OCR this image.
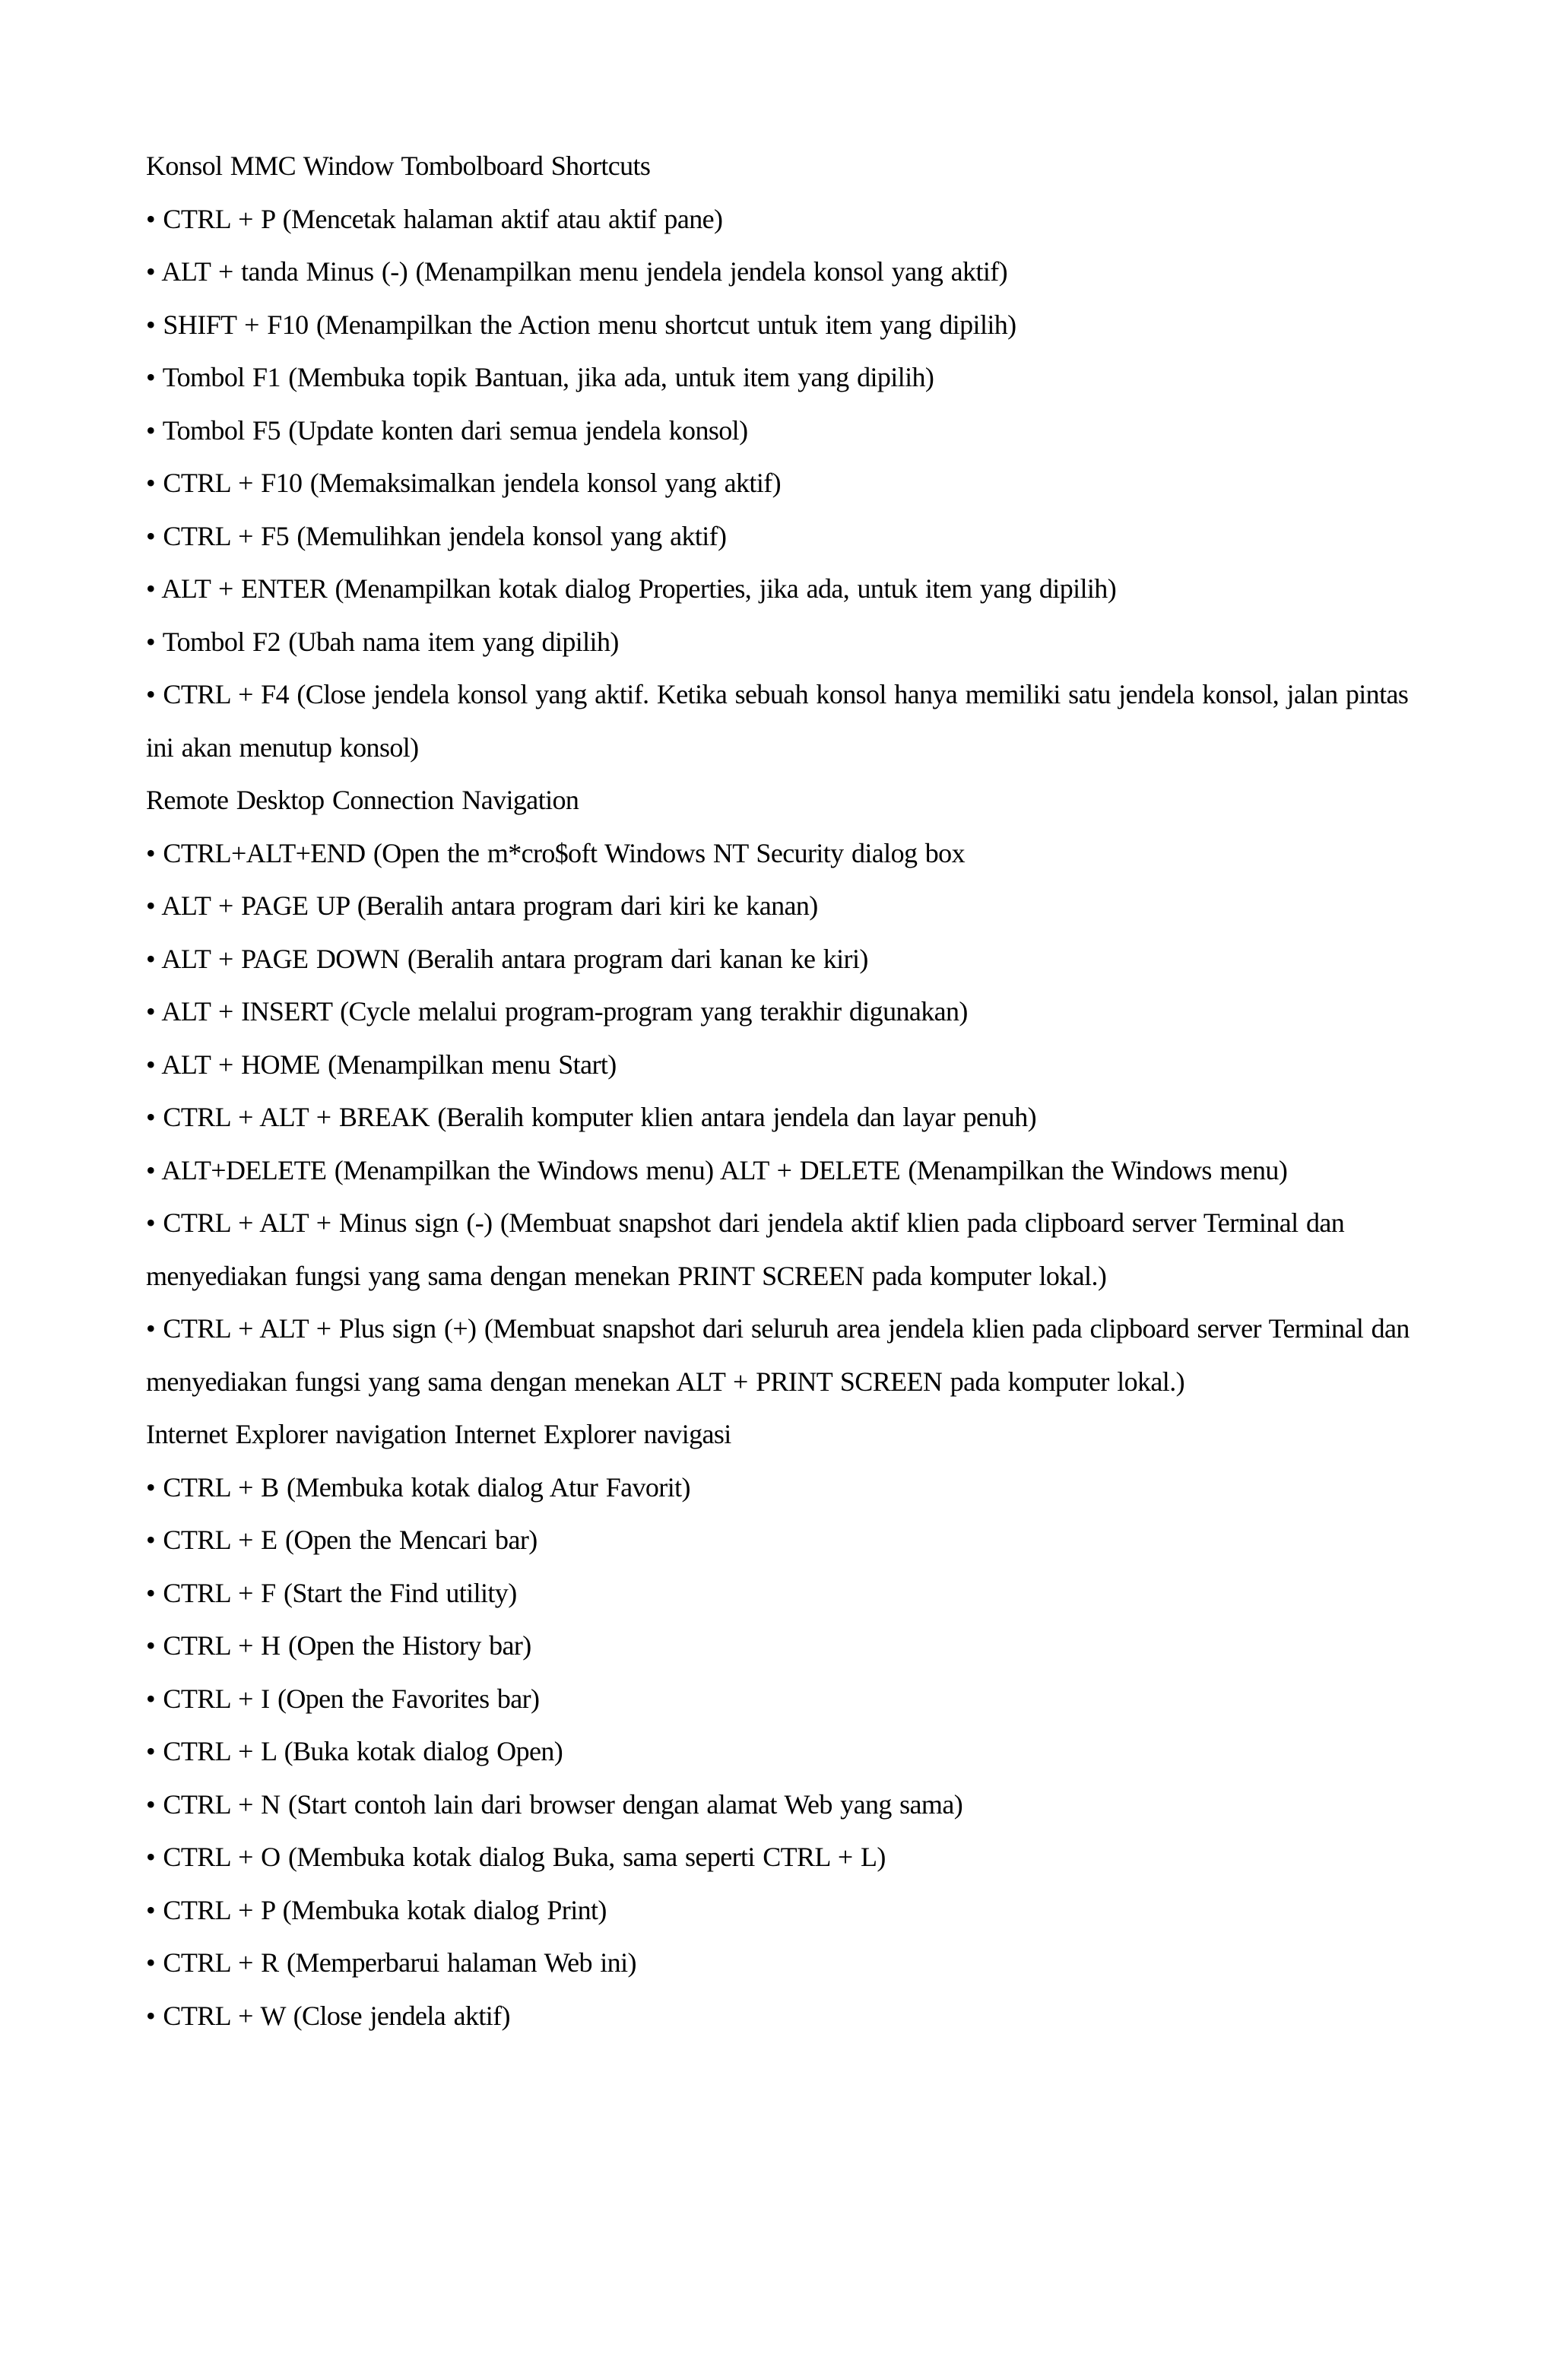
Konsol MMC Window Tombolboard Shortcuts

• CTRL + P (Mencetak halaman aktif atau aktif pane)

• ALT + tanda Minus (-) (Menampilkan menu jendela jendela konsol yang aktif)

• SHIFT + F10 (Menampilkan the Action menu shortcut untuk item yang dipilih)

• Tombol F1 (Membuka topik Bantuan, jika ada, untuk item yang dipilih)

• Tombol F5 (Update konten dari semua jendela konsol)

• CTRL + F10 (Memaksimalkan jendela konsol yang aktif)

• CTRL + F5 (Memulihkan jendela konsol yang aktif)

• ALT + ENTER (Menampilkan kotak dialog Properties, jika ada, untuk item yang dipilih)

• Tombol F2 (Ubah nama item yang dipilih)

• CTRL + F4 (Close jendela konsol yang aktif. Ketika sebuah konsol hanya memiliki satu jendela konsol, jalan pintas ini akan menutup konsol)

Remote Desktop Connection Navigation

• CTRL+ALT+END (Open the m*cro$oft Windows NT Security dialog box

• ALT + PAGE UP (Beralih antara program dari kiri ke kanan)

• ALT + PAGE DOWN (Beralih antara program dari kanan ke kiri)

• ALT + INSERT (Cycle melalui program-program yang terakhir digunakan)

• ALT + HOME (Menampilkan menu Start)

• CTRL + ALT + BREAK (Beralih komputer klien antara jendela dan layar penuh)

• ALT+DELETE (Menampilkan the Windows menu) ALT + DELETE (Menampilkan the Windows menu)

• CTRL + ALT + Minus sign (-) (Membuat snapshot dari jendela aktif klien pada clipboard server Terminal dan menyediakan fungsi yang sama dengan menekan PRINT SCREEN pada komputer lokal.)

• CTRL + ALT + Plus sign (+) (Membuat snapshot dari seluruh area jendela klien pada clipboard server Terminal dan menyediakan fungsi yang sama dengan menekan ALT + PRINT SCREEN pada komputer lokal.)

Internet Explorer navigation Internet Explorer navigasi

• CTRL + B (Membuka kotak dialog Atur Favorit)

• CTRL + E (Open the Mencari bar)

• CTRL + F (Start the Find utility)

• CTRL + H (Open the History bar)

• CTRL + I (Open the Favorites bar)

• CTRL + L (Buka kotak dialog Open)

• CTRL + N (Start contoh lain dari browser dengan alamat Web yang sama)

• CTRL + O (Membuka kotak dialog Buka, sama seperti CTRL + L)

• CTRL + P (Membuka kotak dialog Print)

• CTRL + R (Memperbarui halaman Web ini)

• CTRL + W (Close jendela aktif)
